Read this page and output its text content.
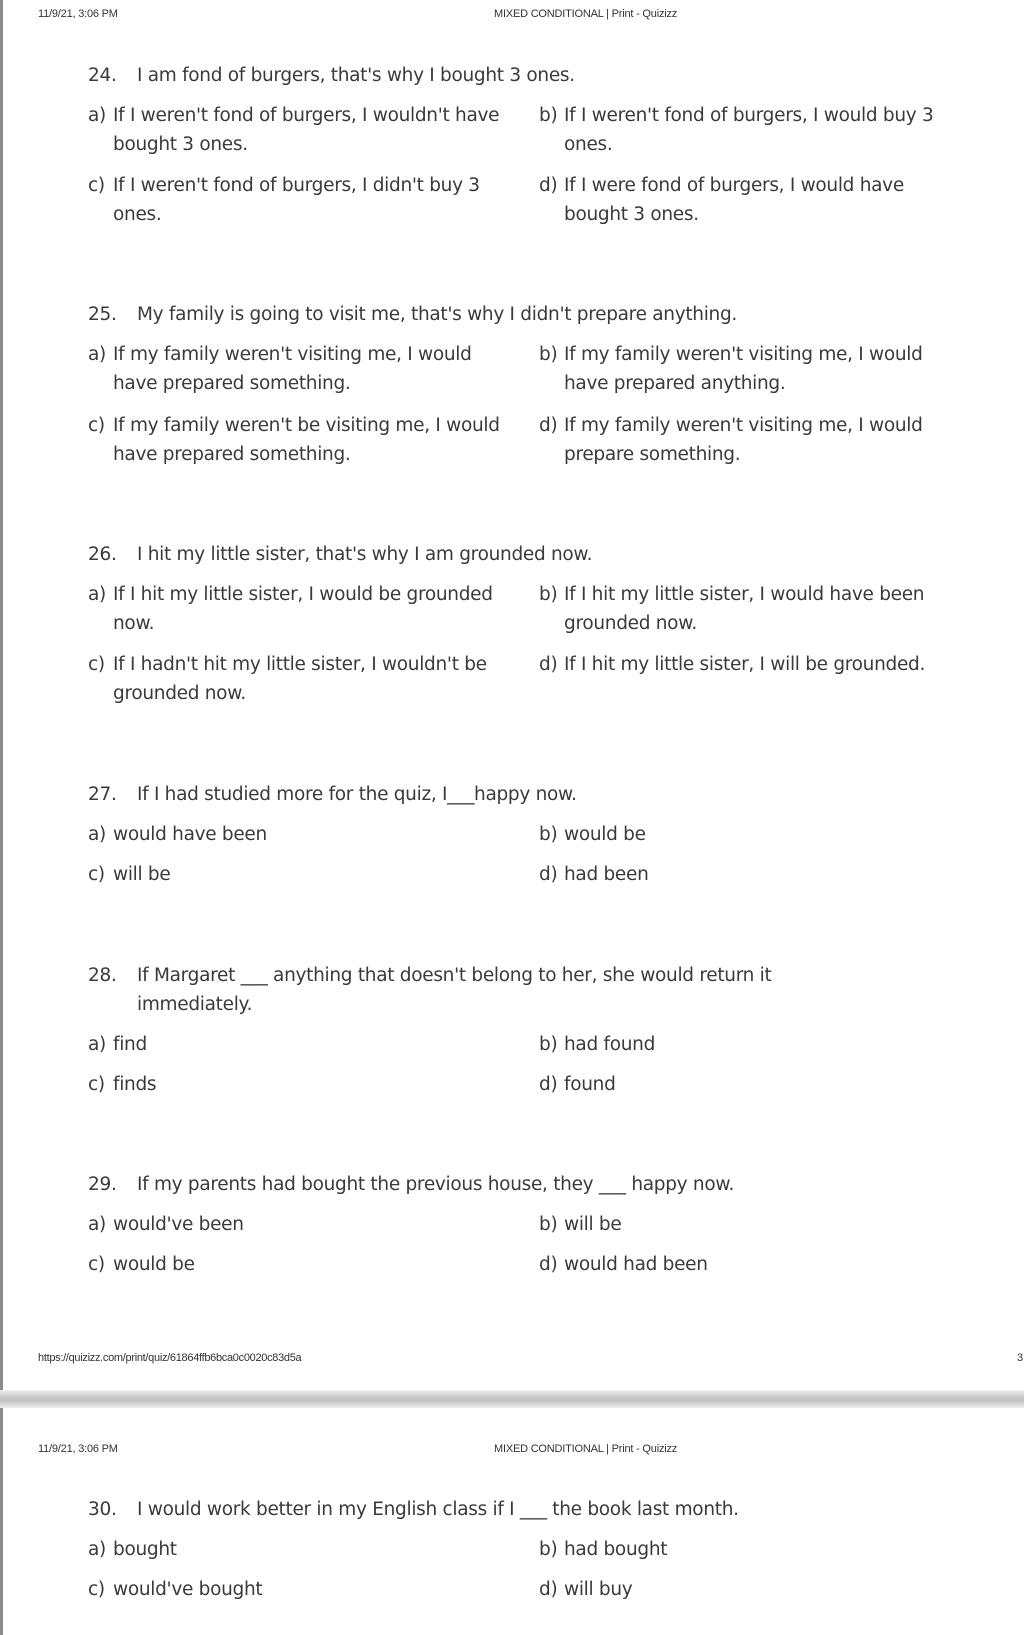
11/9/21, 3:06 PM	MIXED CONDITIONAL | Print - Quizizz
24. I am fond of burgers, that's why I bought 3 ones.
a) If I weren't fond of burgers, I wouldn't have bought 3 ones.
b) If I weren't fond of burgers, I would buy 3 ones.
c) If I weren't fond of burgers, I didn't buy 3 ones.
d) If I were fond of burgers, I would have bought 3 ones.
25. My family is going to visit me, that's why I didn't prepare anything.
a) If my family weren't visiting me, I would have prepared something.
b) If my family weren't visiting me, I would have prepared anything.
c) If my family weren't be visiting me, I would have prepared something.
d) If my family weren't visiting me, I would prepare something.
26. I hit my little sister, that's why I am grounded now.
a) If I hit my little sister, I would be grounded now.
b) If I hit my little sister, I would have been grounded now.
c) If I hadn't hit my little sister, I wouldn't be grounded now.
d) If I hit my little sister, I will be grounded.
27. If I had studied more for the quiz, I___happy now.
a) would have been	b) would be
c) will be	d) had been
28. If Margaret ___ anything that doesn't belong to her, she would return it immediately.
a) find	b) had found
c) finds	d) found
29. If my parents had bought the previous house, they ___ happy now.
a) would've been	b) will be
c) would be	d) would had been
https://quizizz.com/print/quiz/61864ffb6bca0c0020c83d5a	3
11/9/21, 3:06 PM	MIXED CONDITIONAL | Print - Quizizz
30. I would work better in my English class if I ___ the book last month.
a) bought	b) had bought
c) would've bought	d) will buy
